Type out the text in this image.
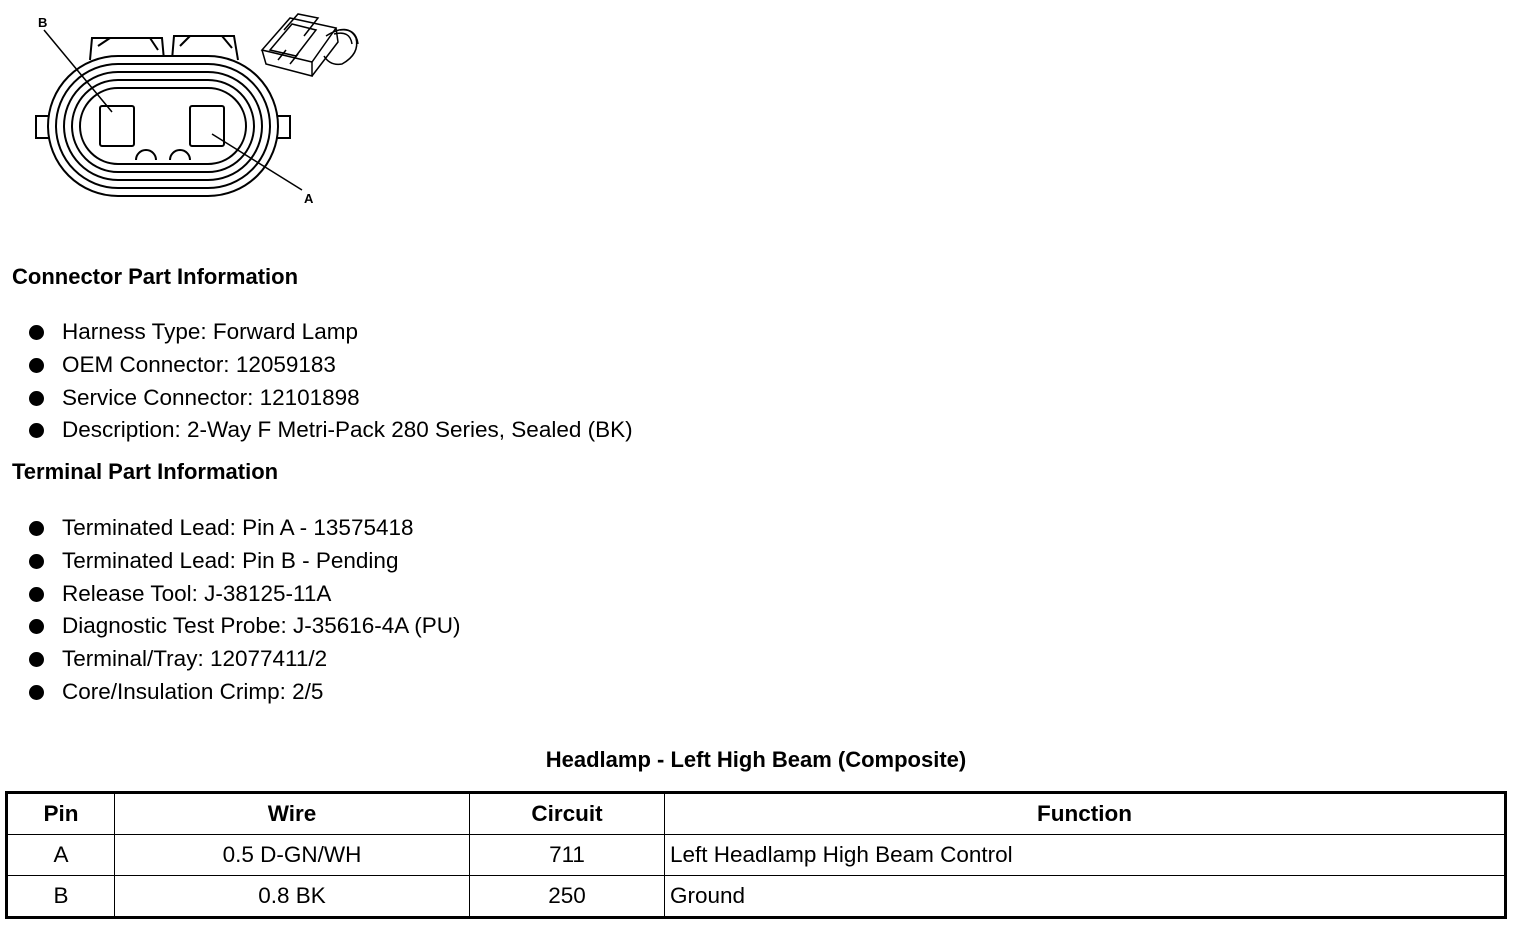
B
A
Connector Part Information
Harness Type: Forward Lamp
OEM Connector: 12059183
Service Connector: 12101898
Description: 2-Way F Metri-Pack 280 Series, Sealed (BK)
Terminal Part Information
Terminated Lead: Pin A - 13575418
Terminated Lead: Pin B - Pending
Release Tool: J-38125-11A
Diagnostic Test Probe: J-35616-4A (PU)
Terminal/Tray: 12077411/2
Core/Insulation Crimp: 2/5
Headlamp - Left High Beam (Composite)
Pin	Wire	Circuit	Function
A	0.5 D-GN/WH	711	Left Headlamp High Beam Control
B	0.8 BK	250	Ground
